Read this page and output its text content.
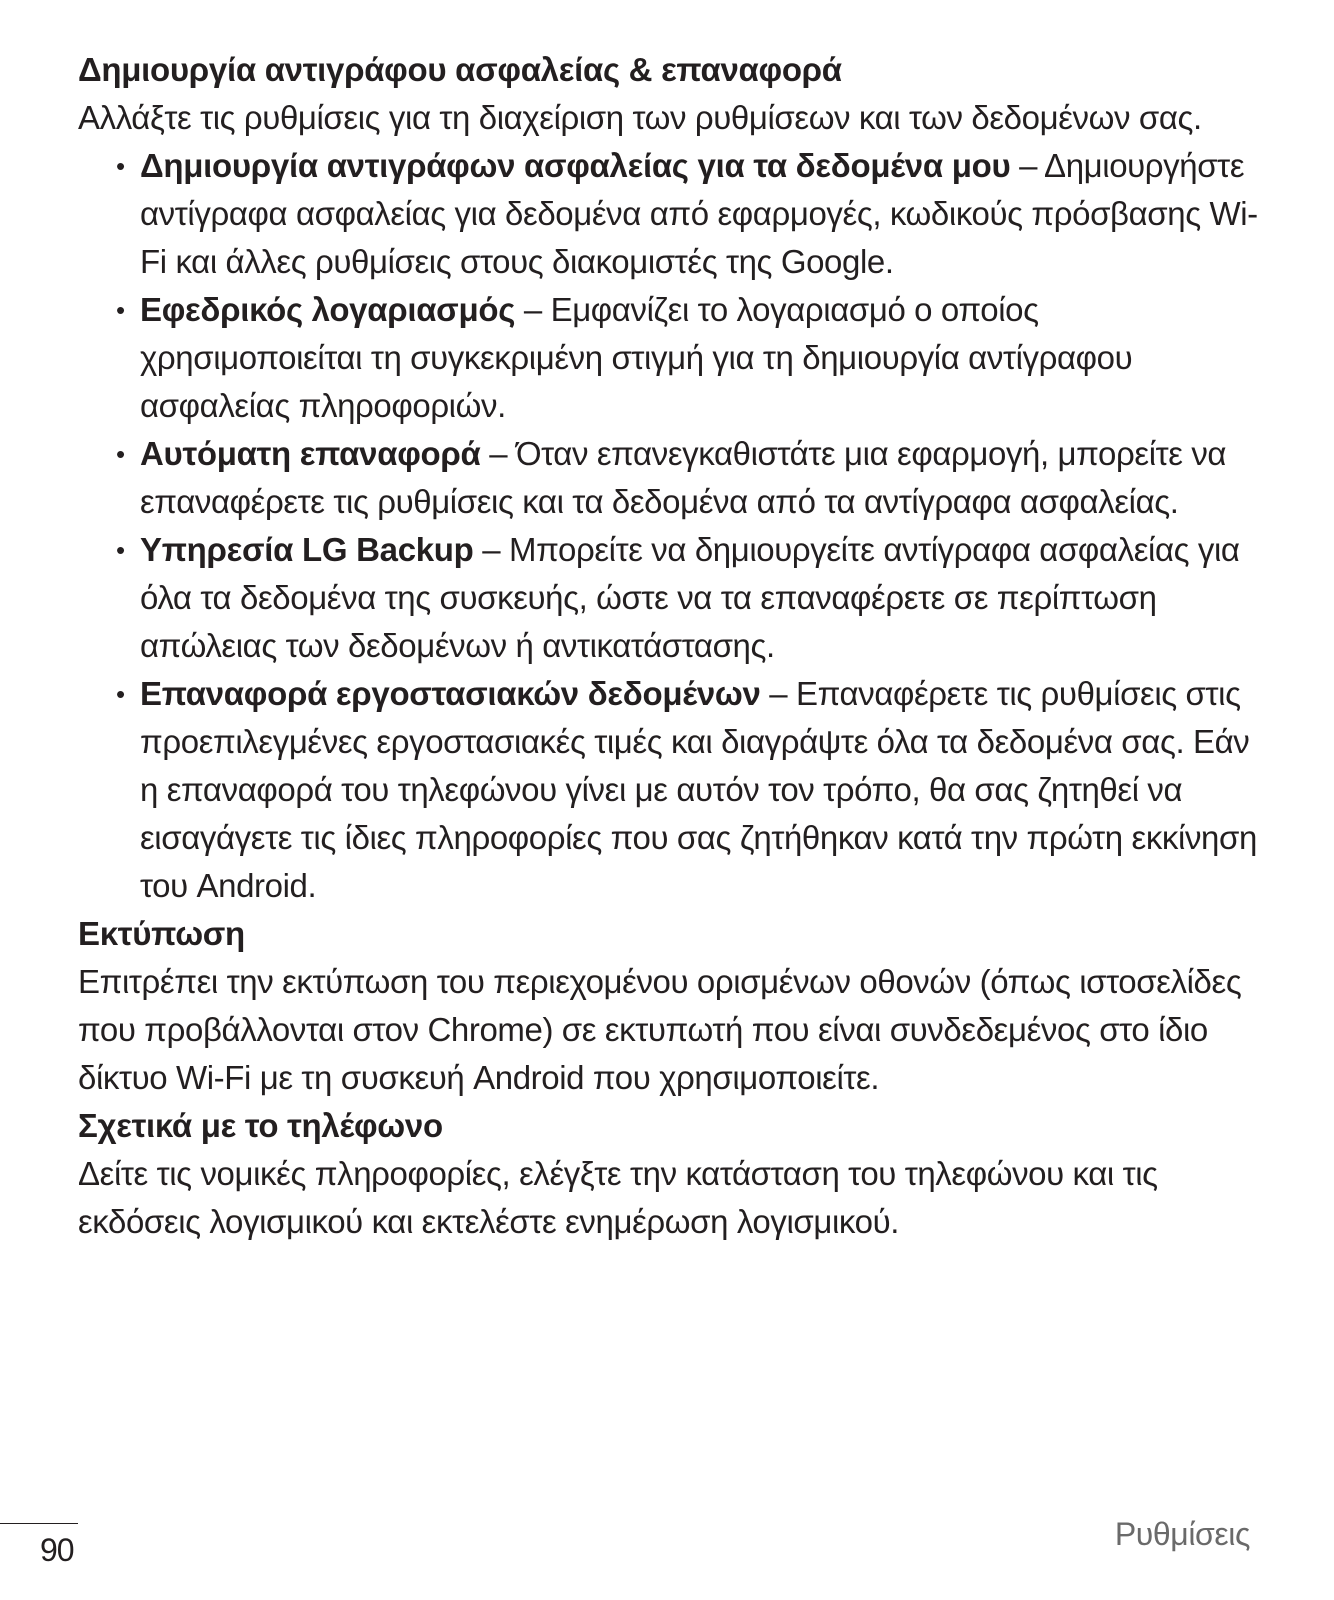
Δημιουργία αντιγράφου ασφαλείας & επαναφορά

Αλλάξτε τις ρυθμίσεις για τη διαχείριση των ρυθμίσεων και των δεδομένων σας.

• Δημιουργία αντιγράφων ασφαλείας για τα δεδομένα μου – Δημιουργήστε αντίγραφα ασφαλείας για δεδομένα από εφαρμογές, κωδικούς πρόσβασης Wi-Fi και άλλες ρυθμίσεις στους διακομιστές της Google.
• Εφεδρικός λογαριασμός – Εμφανίζει το λογαριασμό ο οποίος χρησιμοποιείται τη συγκεκριμένη στιγμή για τη δημιουργία αντίγραφου ασφαλείας πληροφοριών.
• Αυτόματη επαναφορά – Όταν επανεγκαθιστάτε μια εφαρμογή, μπορείτε να επαναφέρετε τις ρυθμίσεις και τα δεδομένα από τα αντίγραφα ασφαλείας.
• Υπηρεσία LG Backup – Μπορείτε να δημιουργείτε αντίγραφα ασφαλείας για όλα τα δεδομένα της συσκευής, ώστε να τα επαναφέρετε σε περίπτωση απώλειας των δεδομένων ή αντικατάστασης.
• Επαναφορά εργοστασιακών δεδομένων – Επαναφέρετε τις ρυθμίσεις στις προεπιλεγμένες εργοστασιακές τιμές και διαγράψτε όλα τα δεδομένα σας. Εάν η επαναφορά του τηλεφώνου γίνει με αυτόν τον τρόπο, θα σας ζητηθεί να εισαγάγετε τις ίδιες πληροφορίες που σας ζητήθηκαν κατά την πρώτη εκκίνηση του Android.
Εκτύπωση

Επιτρέπει την εκτύπωση του περιεχομένου ορισμένων οθονών (όπως ιστοσελίδες που προβάλλονται στον Chrome) σε εκτυπωτή που είναι συνδεδεμένος στο ίδιο δίκτυο Wi-Fi με τη συσκευή Android που χρησιμοποιείτε.

Σχετικά με το τηλέφωνο

Δείτε τις νομικές πληροφορίες, ελέγξτε την κατάσταση του τηλεφώνου και τις εκδόσεις λογισμικού και εκτελέστε ενημέρωση λογισμικού.

90	Ρυθμίσεις
